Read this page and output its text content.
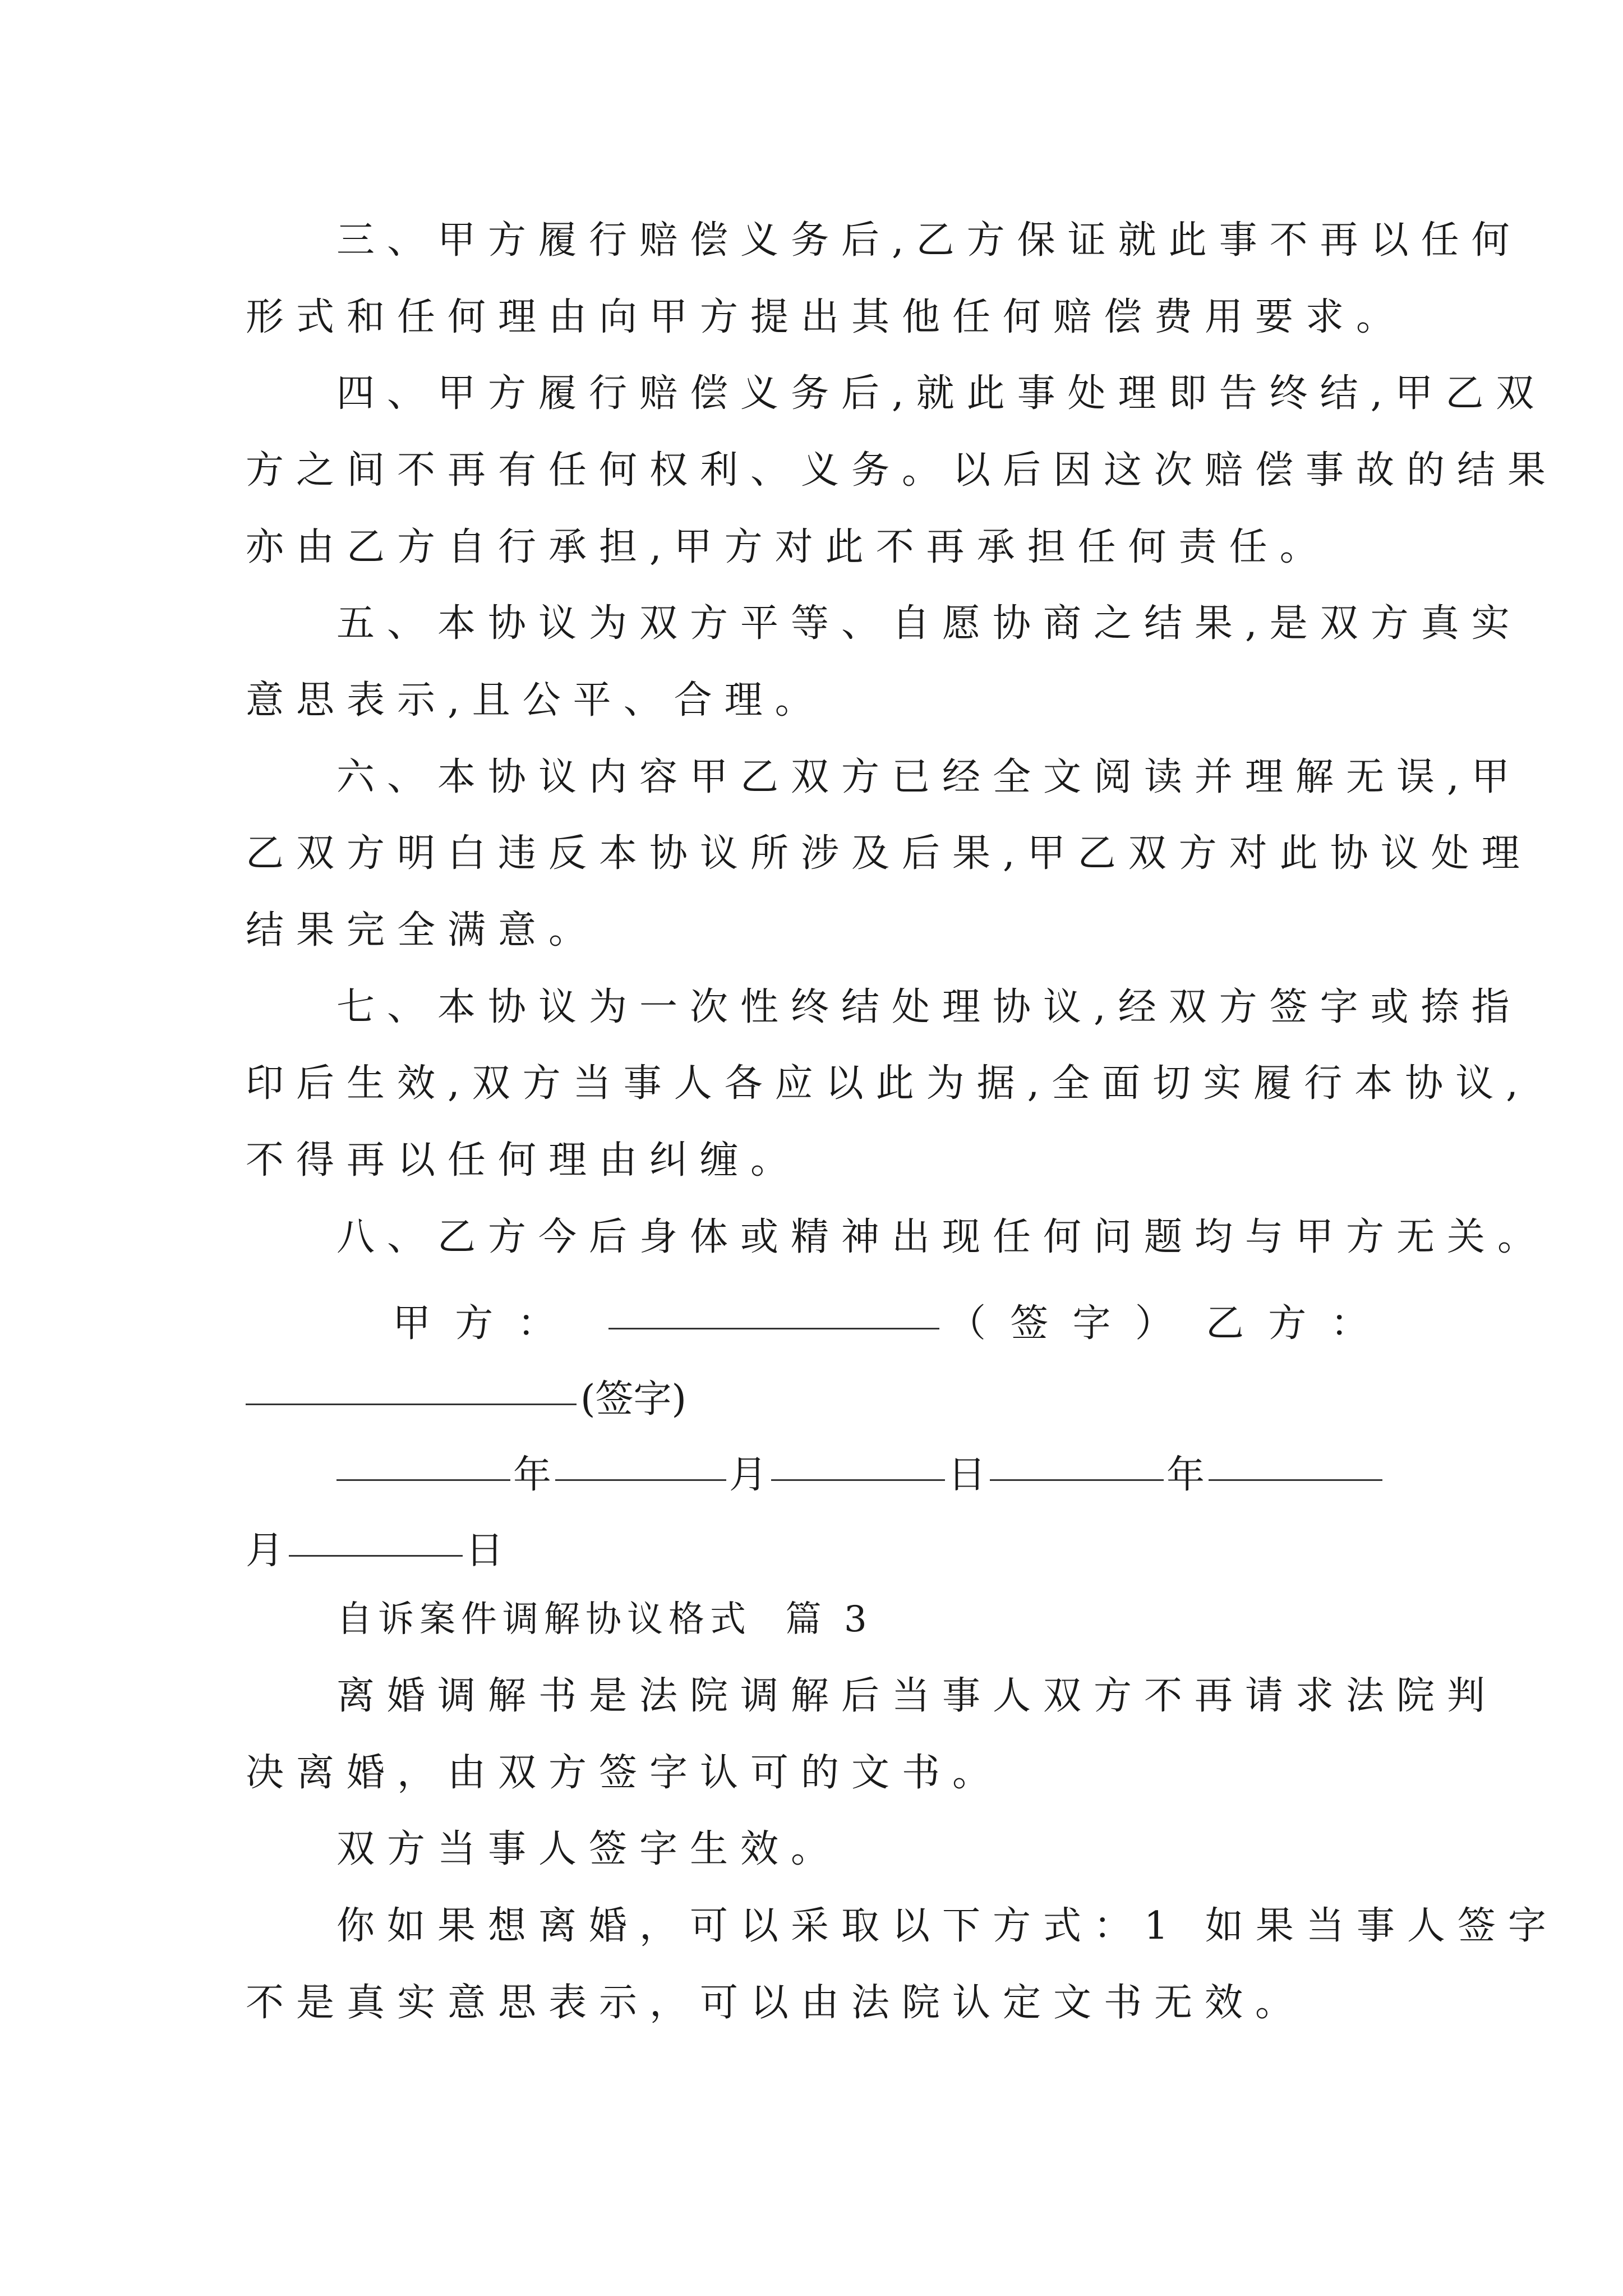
三、甲方履行赔偿义务后,乙方保证就此事不再以任何
形式和任何理由向甲方提出其他任何赔偿费用要求。
四、甲方履行赔偿义务后,就此事处理即告终结,甲乙双
方之间不再有任何权利、义务。以后因这次赔偿事故的结果
亦由乙方自行承担,甲方对此不再承担任何责任。
五、本协议为双方平等、自愿协商之结果,是双方真实
意思表示,且公平、合理。
六、本协议内容甲乙双方已经全文阅读并理解无误,甲
乙双方明白违反本协议所涉及后果,甲乙双方对此协议处理
结果完全满意。
七、本协议为一次性终结处理协议,经双方签字或捺指
印后生效,双方当事人各应以此为据,全面切实履行本协议,
不得再以任何理由纠缠。
八、乙方今后身体或精神出现任何问题均与甲方无关。
甲  方  ：	（  签  字  ） 乙  方  ：
(签字)
年	月	日	年
月	日
自诉案件调解协议格式  篇 3
离婚调解书是法院调解后当事人双方不再请求法院判
决离婚，由双方签字认可的文书。
双方当事人签字生效。
你如果想离婚，可以采取以下方式：1 如果当事人签字
不是真实意思表示，可以由法院认定文书无效。
